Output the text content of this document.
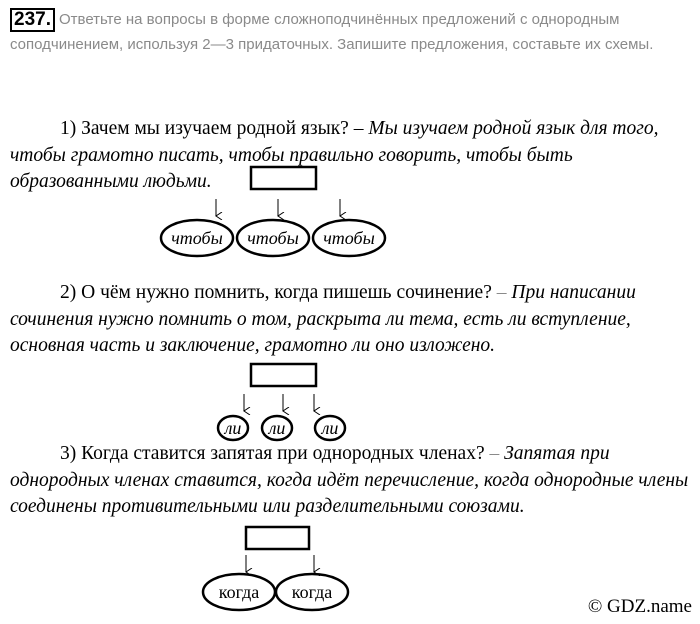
237. Ответьте на вопросы в форме сложноподчинённых предложений с однородным соподчинением, используя 2—3 придаточных. Запишите предложения, составьте их схемы.
1) Зачем мы изучаем родной язык? – Мы изучаем родной язык для того, чтобы грамотно писать, чтобы правильно говорить, чтобы быть образованными людьми.
2) О чём нужно помнить, когда пишешь сочинение? – При написании сочинения нужно помнить о том, раскрыта ли тема, есть ли вступление, основная часть и заключение, грамотно ли оно изложено.
3) Когда ставится запятая при однородных членах? – Запятая при однородных членах ставится, когда идёт перечисление, когда однородные члены соединены противительными или разделительными союзами.
чтобы чтобы чтобы
ли ли ли
когда когда
© GDZ.name
